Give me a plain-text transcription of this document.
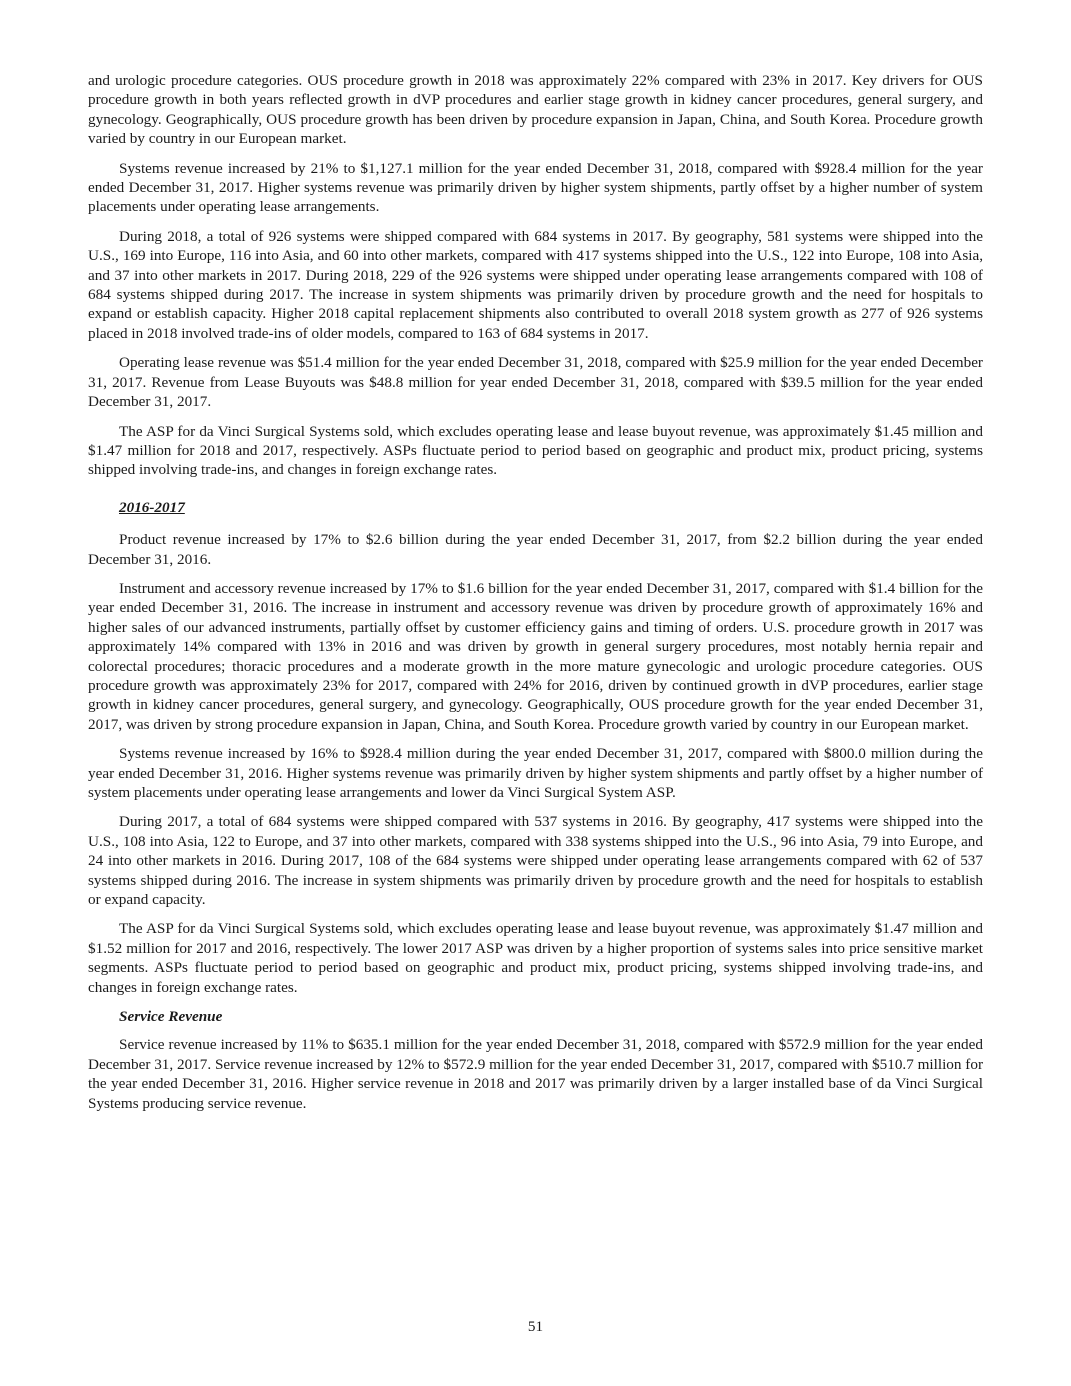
and urologic procedure categories. OUS procedure growth in 2018 was approximately 22% compared with 23% in 2017. Key drivers for OUS procedure growth in both years reflected growth in dVP procedures and earlier stage growth in kidney cancer procedures, general surgery, and gynecology. Geographically, OUS procedure growth has been driven by procedure expansion in Japan, China, and South Korea. Procedure growth varied by country in our European market.

Systems revenue increased by 21% to $1,127.1 million for the year ended December 31, 2018, compared with $928.4 million for the year ended December 31, 2017. Higher systems revenue was primarily driven by higher system shipments, partly offset by a higher number of system placements under operating lease arrangements.

During 2018, a total of 926 systems were shipped compared with 684 systems in 2017. By geography, 581 systems were shipped into the U.S., 169 into Europe, 116 into Asia, and 60 into other markets, compared with 417 systems shipped into the U.S., 122 into Europe, 108 into Asia, and 37 into other markets in 2017. During 2018, 229 of the 926 systems were shipped under operating lease arrangements compared with 108 of 684 systems shipped during 2017. The increase in system shipments was primarily driven by procedure growth and the need for hospitals to expand or establish capacity. Higher 2018 capital replacement shipments also contributed to overall 2018 system growth as 277 of 926 systems placed in 2018 involved trade-ins of older models, compared to 163 of 684 systems in 2017.

Operating lease revenue was $51.4 million for the year ended December 31, 2018, compared with $25.9 million for the year ended December 31, 2017. Revenue from Lease Buyouts was $48.8 million for year ended December 31, 2018, compared with $39.5 million for the year ended December 31, 2017.

The ASP for da Vinci Surgical Systems sold, which excludes operating lease and lease buyout revenue, was approximately $1.45 million and $1.47 million for 2018 and 2017, respectively. ASPs fluctuate period to period based on geographic and product mix, product pricing, systems shipped involving trade-ins, and changes in foreign exchange rates.

2016-2017

Product revenue increased by 17% to $2.6 billion during the year ended December 31, 2017, from $2.2 billion during the year ended December 31, 2016.

Instrument and accessory revenue increased by 17% to $1.6 billion for the year ended December 31, 2017, compared with $1.4 billion for the year ended December 31, 2016. The increase in instrument and accessory revenue was driven by procedure growth of approximately 16% and higher sales of our advanced instruments, partially offset by customer efficiency gains and timing of orders. U.S. procedure growth in 2017 was approximately 14% compared with 13% in 2016 and was driven by growth in general surgery procedures, most notably hernia repair and colorectal procedures; thoracic procedures and a moderate growth in the more mature gynecologic and urologic procedure categories. OUS procedure growth was approximately 23% for 2017, compared with 24% for 2016, driven by continued growth in dVP procedures, earlier stage growth in kidney cancer procedures, general surgery, and gynecology. Geographically, OUS procedure growth for the year ended December 31, 2017, was driven by strong procedure expansion in Japan, China, and South Korea. Procedure growth varied by country in our European market.

Systems revenue increased by 16% to $928.4 million during the year ended December 31, 2017, compared with $800.0 million during the year ended December 31, 2016. Higher systems revenue was primarily driven by higher system shipments and partly offset by a higher number of system placements under operating lease arrangements and lower da Vinci Surgical System ASP.

During 2017, a total of 684 systems were shipped compared with 537 systems in 2016. By geography, 417 systems were shipped into the U.S., 108 into Asia, 122 to Europe, and 37 into other markets, compared with 338 systems shipped into the U.S., 96 into Asia, 79 into Europe, and 24 into other markets in 2016. During 2017, 108 of the 684 systems were shipped under operating lease arrangements compared with 62 of 537 systems shipped during 2016. The increase in system shipments was primarily driven by procedure growth and the need for hospitals to establish or expand capacity.

The ASP for da Vinci Surgical Systems sold, which excludes operating lease and lease buyout revenue, was approximately $1.47 million and $1.52 million for 2017 and 2016, respectively. The lower 2017 ASP was driven by a higher proportion of systems sales into price sensitive market segments. ASPs fluctuate period to period based on geographic and product mix, product pricing, systems shipped involving trade-ins, and changes in foreign exchange rates.

Service Revenue

Service revenue increased by 11% to $635.1 million for the year ended December 31, 2018, compared with $572.9 million for the year ended December 31, 2017. Service revenue increased by 12% to $572.9 million for the year ended December 31, 2017, compared with $510.7 million for the year ended December 31, 2016. Higher service revenue in 2018 and 2017 was primarily driven by a larger installed base of da Vinci Surgical Systems producing service revenue.

51
